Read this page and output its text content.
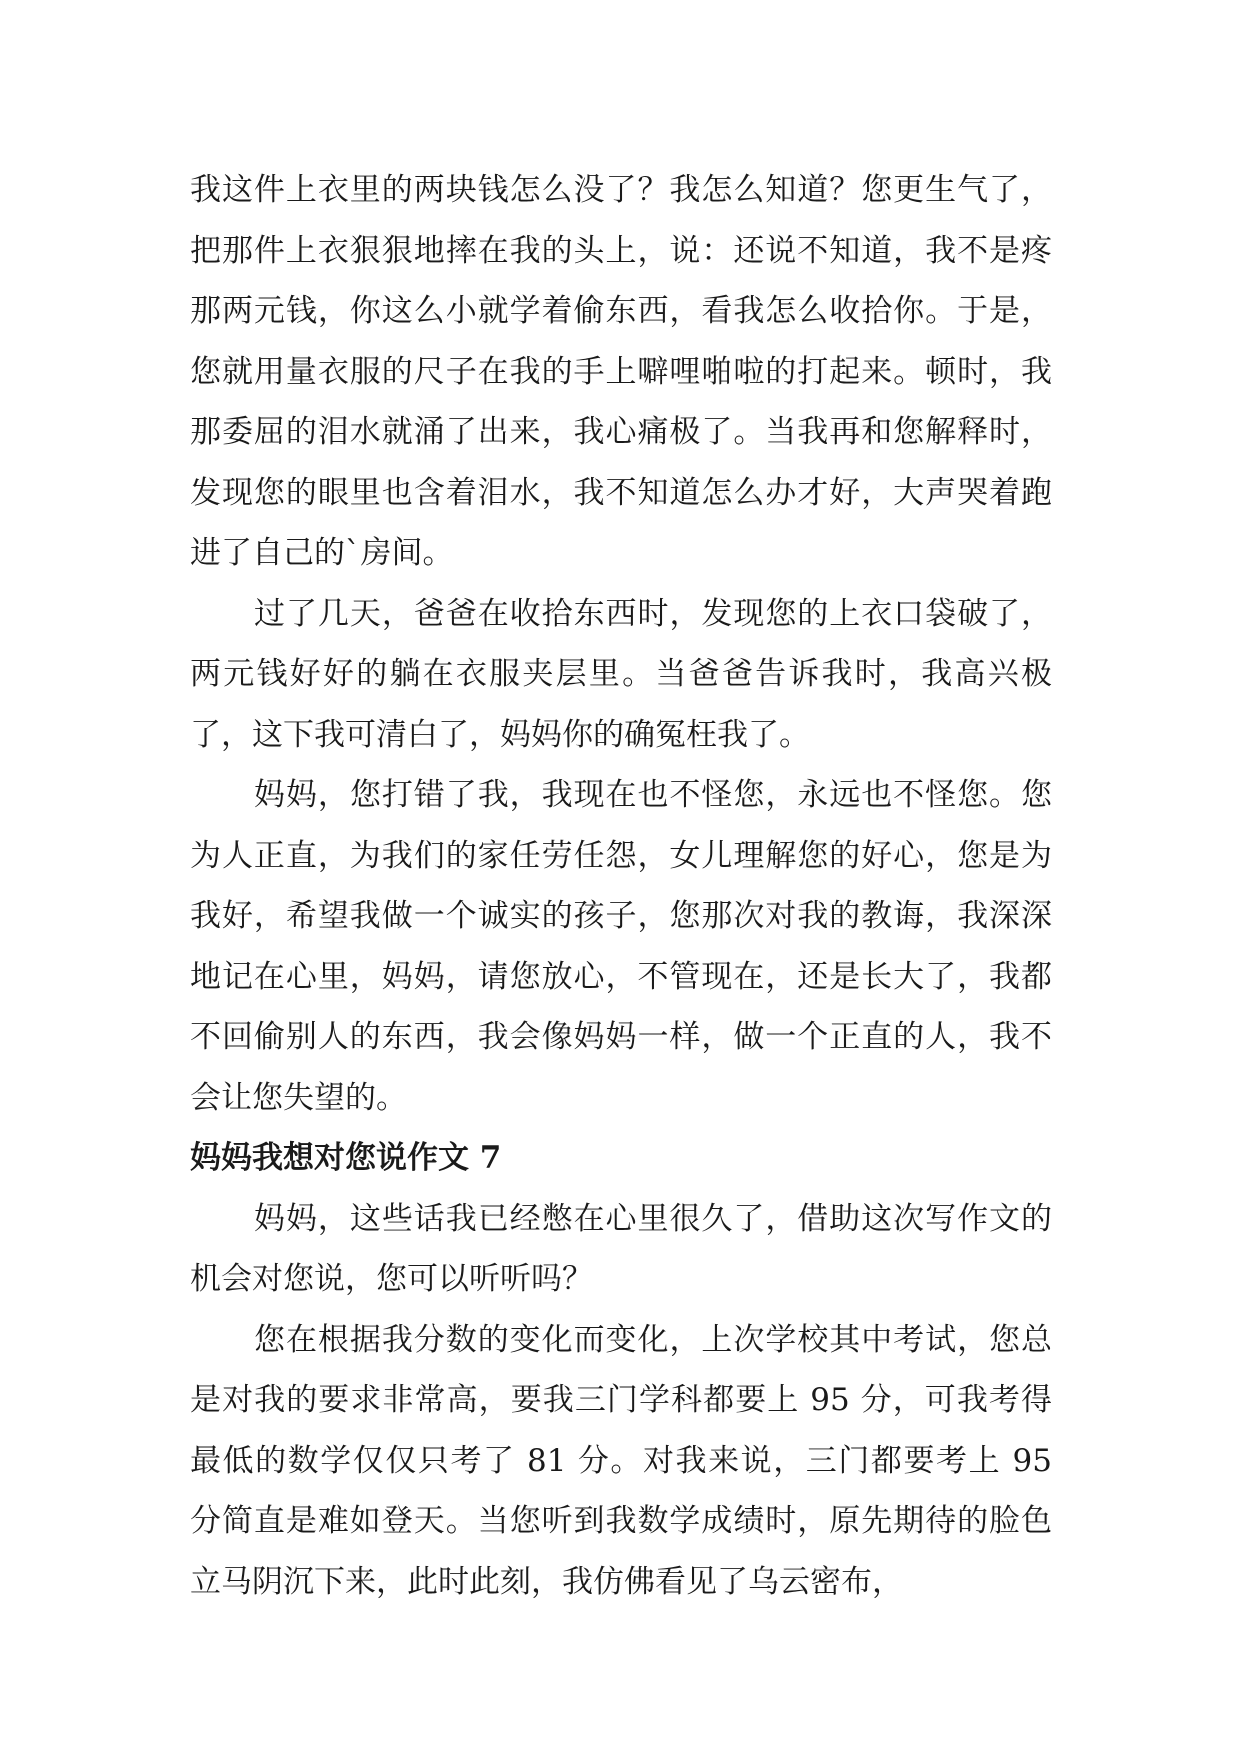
我这件上衣里的两块钱怎么没了？我怎么知道？您更生气了，把那件上衣狠狠地摔在我的头上，说：还说不知道，我不是疼那两元钱，你这么小就学着偷东西，看我怎么收拾你。于是，您就用量衣服的尺子在我的手上噼哩啪啦的打起来。顿时，我那委屈的泪水就涌了出来，我心痛极了。当我再和您解释时，发现您的眼里也含着泪水，我不知道怎么办才好，大声哭着跑进了自己的`房间。

过了几天，爸爸在收拾东西时，发现您的上衣口袋破了，两元钱好好的躺在衣服夹层里。当爸爸告诉我时，我高兴极了，这下我可清白了，妈妈你的确冤枉我了。

妈妈，您打错了我，我现在也不怪您，永远也不怪您。您为人正直，为我们的家任劳任怨，女儿理解您的好心，您是为我好，希望我做一个诚实的孩子，您那次对我的教诲，我深深地记在心里，妈妈，请您放心，不管现在，还是长大了，我都不回偷别人的东西，我会像妈妈一样，做一个正直的人，我不会让您失望的。

妈妈我想对您说作文 7

妈妈，这些话我已经憋在心里很久了，借助这次写作文的机会对您说，您可以听听吗？

您在根据我分数的变化而变化，上次学校其中考试，您总是对我的要求非常高，要我三门学科都要上 95 分，可我考得最低的数学仅仅只考了 81 分。对我来说，三门都要考上 95 分简直是难如登天。当您听到我数学成绩时，原先期待的脸色立马阴沉下来，此时此刻，我仿佛看见了乌云密布，
